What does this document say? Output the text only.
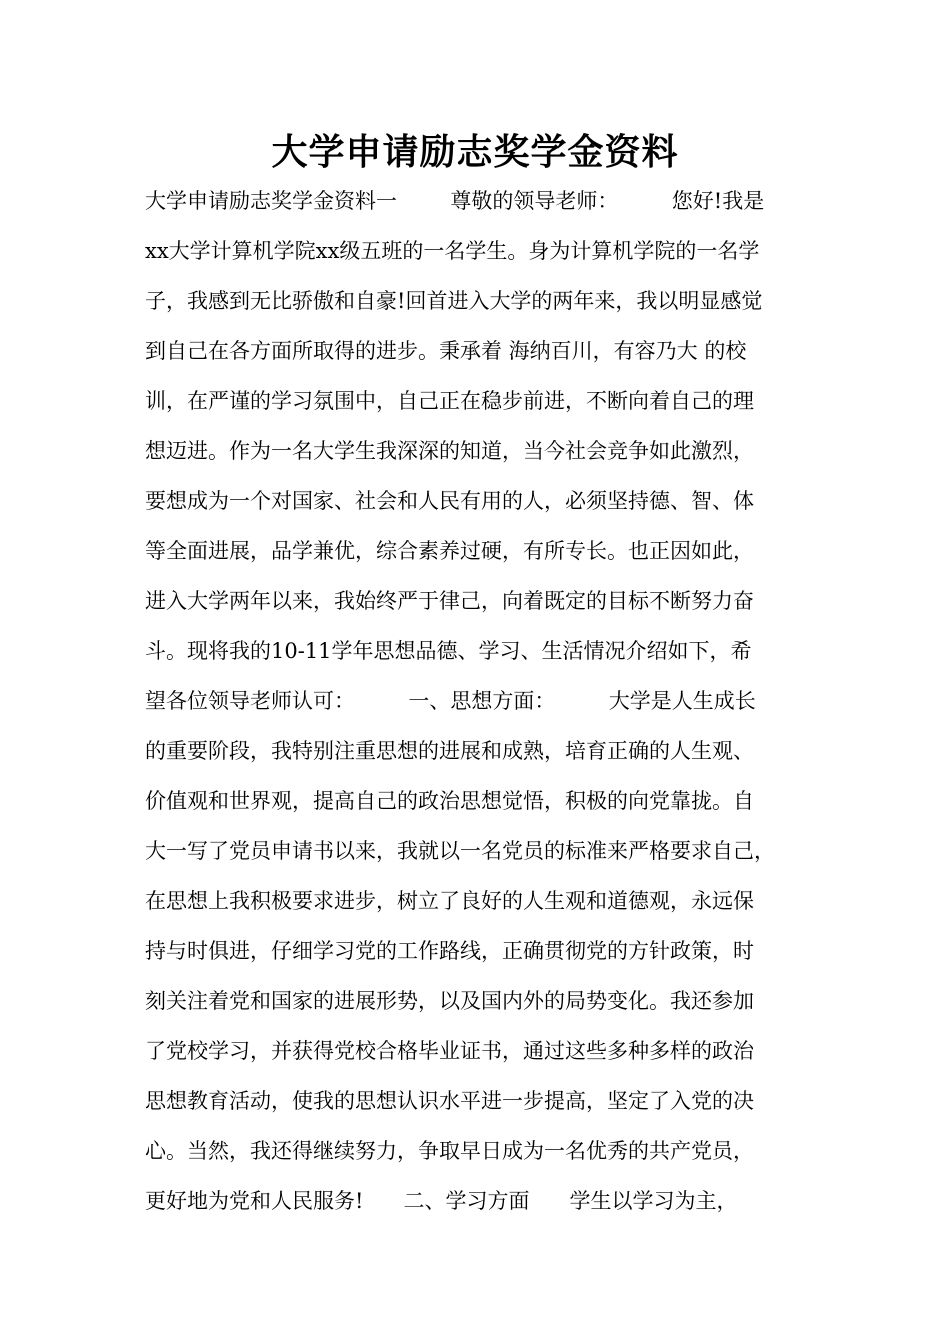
大学申请励志奖学金资料
大学申请励志奖学金资料一        尊敬的领导老师：        您好!我是
xx大学计算机学院xx级五班的一名学生。身为计算机学院的一名学
子，我感到无比骄傲和自豪!回首进入大学的两年来，我以明显感觉
到自己在各方面所取得的进步。秉承着 海纳百川，有容乃大 的校
训，在严谨的学习氛围中，自己正在稳步前进，不断向着自己的理
想迈进。作为一名大学生我深深的知道，当今社会竞争如此激烈，
要想成为一个对国家、社会和人民有用的人，必须坚持德、智、体
等全面进展，品学兼优，综合素养过硬，有所专长。也正因如此，
进入大学两年以来，我始终严于律己，向着既定的目标不断努力奋
斗。现将我的10-11学年思想品德、学习、生活情况介绍如下，希
望各位领导老师认可：        一、思想方面：        大学是人生成长
的重要阶段，我特别注重思想的进展和成熟，培育正确的人生观、
价值观和世界观，提高自己的政治思想觉悟，积极的向党靠拢。自
大一写了党员申请书以来，我就以一名党员的标准来严格要求自己，
在思想上我积极要求进步，树立了良好的人生观和道德观，永远保
持与时俱进，仔细学习党的工作路线，正确贯彻党的方针政策，时
刻关注着党和国家的进展形势，以及国内外的局势变化。我还参加
了党校学习，并获得党校合格毕业证书，通过这些多种多样的政治
思想教育活动，使我的思想认识水平进一步提高，坚定了入党的决
心。当然，我还得继续努力，争取早日成为一名优秀的共产党员，
更好地为党和人民服务!      二、学习方面      学生以学习为主，
